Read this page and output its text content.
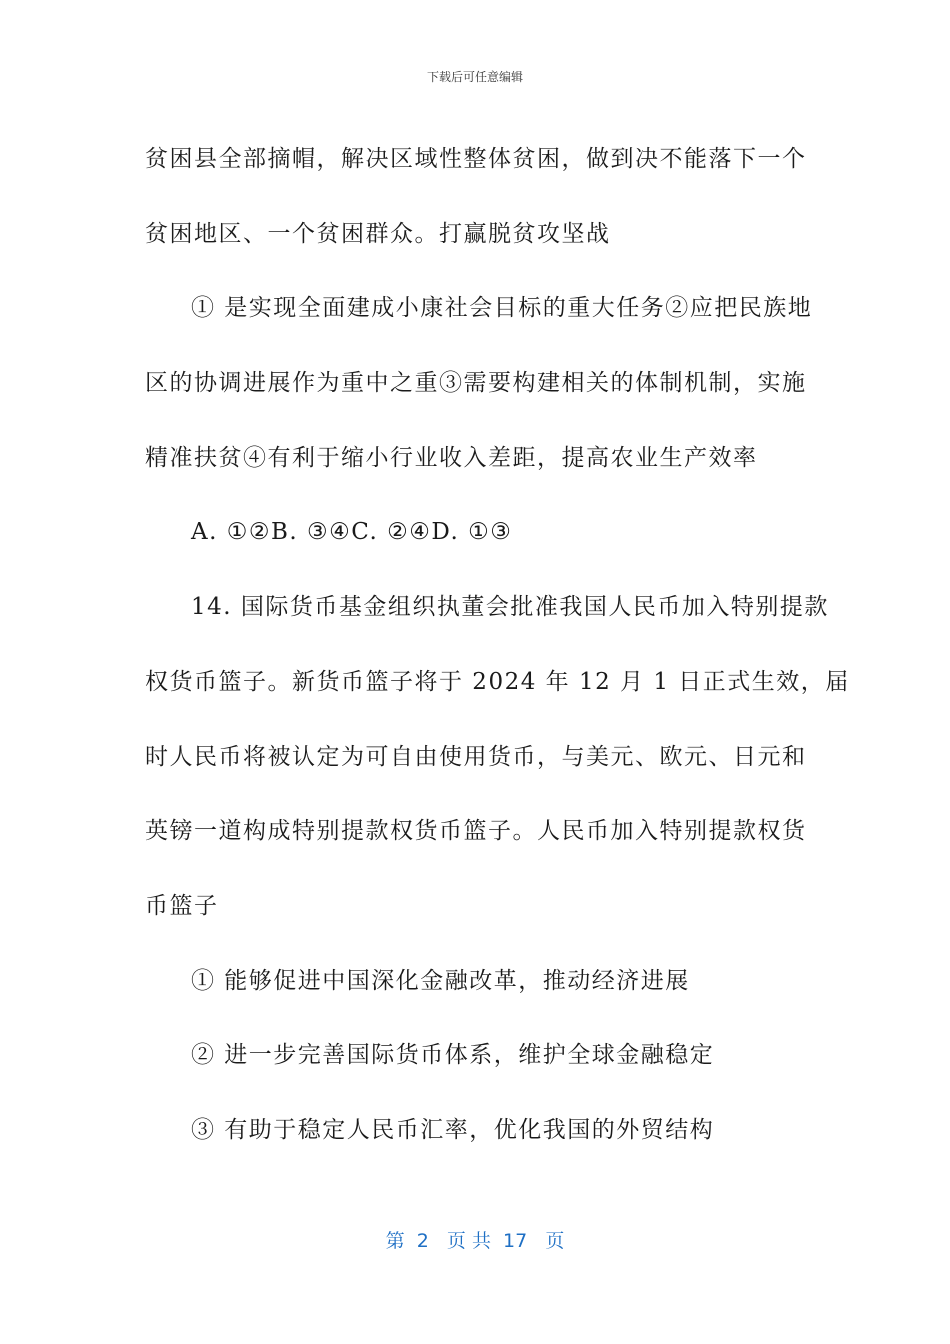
下载后可任意编辑
贫困县全部摘帽，解决区域性整体贫困，做到决不能落下一个
贫困地区、一个贫困群众。打赢脱贫攻坚战
① 是实现全面建成小康社会目标的重大任务②应把民族地
区的协调进展作为重中之重③需要构建相关的体制机制，实施
精准扶贫④有利于缩小行业收入差距，提高农业生产效率
A. ①②B. ③④C. ②④D. ①③
14. 国际货币基金组织执董会批准我国人民币加入特别提款
权货币篮子。新货币篮子将于 2024 年 12 月 1 日正式生效，届
时人民币将被认定为可自由使用货币，与美元、欧元、日元和
英镑一道构成特别提款权货币篮子。人民币加入特别提款权货
币篮子
① 能够促进中国深化金融改革，推动经济进展
② 进一步完善国际货币体系，维护全球金融稳定
③ 有助于稳定人民币汇率，优化我国的外贸结构
第  2   页 共  17   页
